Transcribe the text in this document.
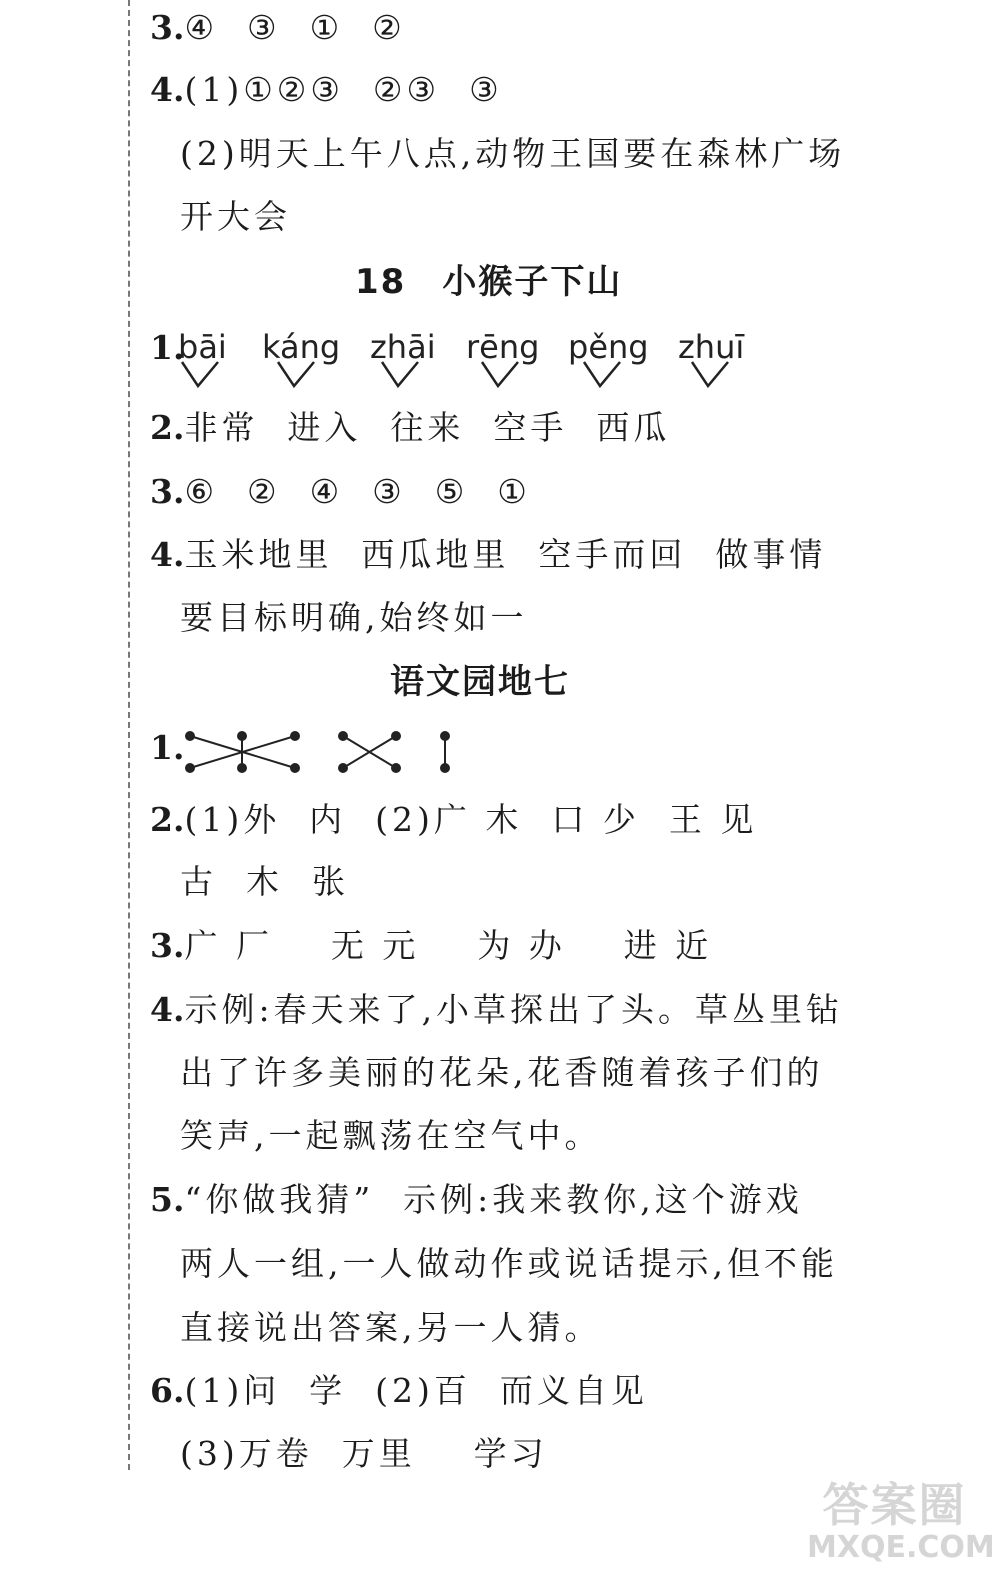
3.④  ③  ①  ②
4.(1)①②③  ②③  ③
(2)明天上午八点,动物王国要在森林广场
开大会
18　小猴子下山
1.
bāi káng zhāi rēng pěng zhuī
2.非常  进入  往来  空手  西瓜
3.⑥  ②  ④  ③  ⑤  ①
4.玉米地里  西瓜地里  空手而回  做事情
要目标明确,始终如一
语文园地七
1.
2.(1)外  内  (2)广 木  口 少  王 见
古  木  张
3.广 厂    无 元    为 办    进 近
4.示例:春天来了,小草探出了头。草丛里钻
出了许多美丽的花朵,花香随着孩子们的
笑声,一起飘荡在空气中。
5.“你做我猜”  示例:我来教你,这个游戏
两人一组,一人做动作或说话提示,但不能
直接说出答案,另一人猜。
6.(1)问  学  (2)百  而义自见
(3)万卷  万里    学习
答案圈
MXQE.COM
